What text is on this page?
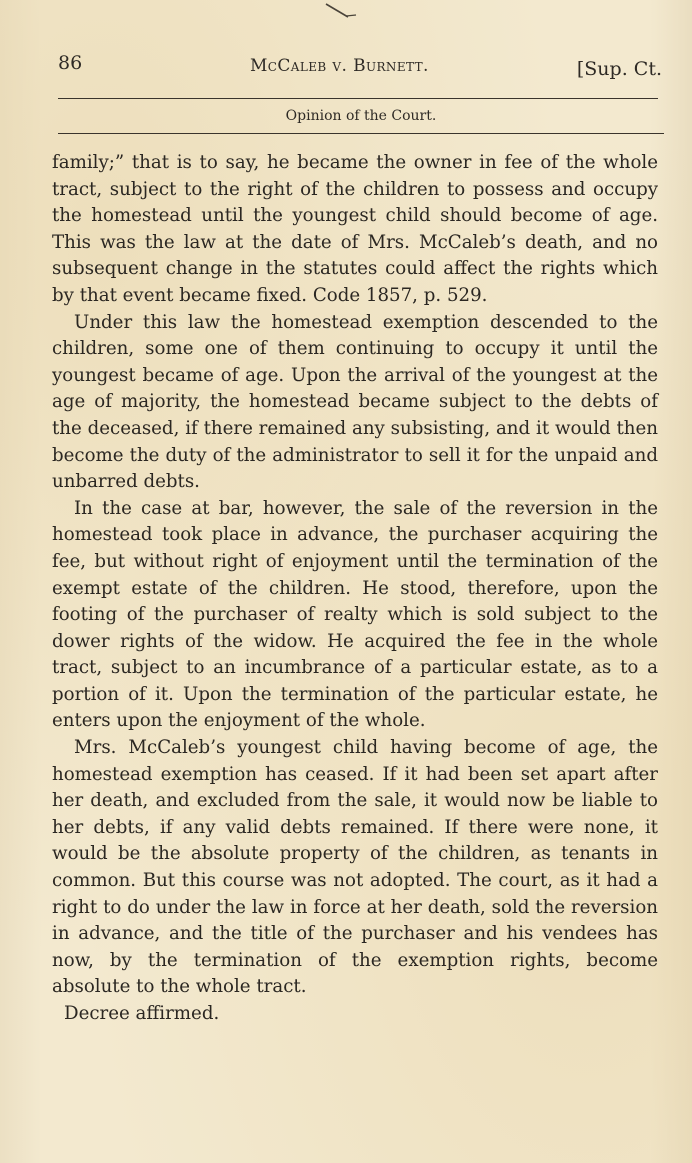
86	McCaleb v. Burnett.	[Sup. Ct.
Opinion of the Court.

family;” that is to say, he became the owner in fee of the whole tract, subject to the right of the children to possess and occupy the homestead until the youngest child should become of age. This was the law at the date of Mrs. McCaleb’s death, and no subsequent change in the statutes could affect the rights which by that event became fixed. Code 1857, p. 529.

Under this law the homestead exemption descended to the children, some one of them continuing to occupy it until the youngest became of age. Upon the arrival of the youngest at the age of majority, the homestead became subject to the debts of the deceased, if there remained any subsisting, and it would then become the duty of the administrator to sell it for the unpaid and unbarred debts.

In the case at bar, however, the sale of the reversion in the homestead took place in advance, the purchaser acquiring the fee, but without right of enjoyment until the termination of the exempt estate of the children. He stood, therefore, upon the footing of the purchaser of realty which is sold subject to the dower rights of the widow. He acquired the fee in the whole tract, subject to an incumbrance of a particular estate, as to a portion of it. Upon the termination of the particular estate, he enters upon the enjoyment of the whole.

Mrs. McCaleb’s youngest child having become of age, the homestead exemption has ceased. If it had been set apart after her death, and excluded from the sale, it would now be liable to her debts, if any valid debts remained. If there were none, it would be the absolute property of the children, as tenants in common. But this course was not adopted. The court, as it had a right to do under the law in force at her death, sold the reversion in advance, and the title of the purchaser and his vendees has now, by the termination of the exemption rights, become absolute to the whole tract.

Decree affirmed.
